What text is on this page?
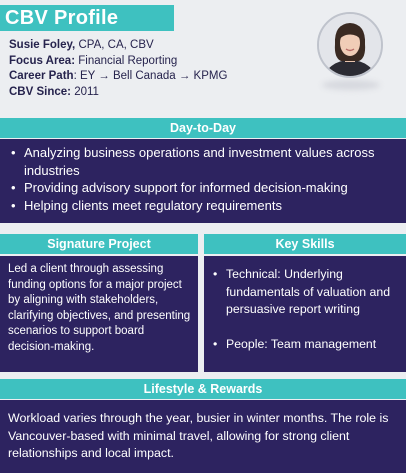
CBV Profile
Susie Foley, CPA, CA, CBV
Focus Area: Financial Reporting
Career Path: EY → Bell Canada → KPMG
CBV Since: 2011
Day-to-Day
• Analyzing business operations and investment values across industries
• Providing advisory support for informed decision-making
• Helping clients meet regulatory requirements
Signature Project
Led a client through assessing funding options for a major project by aligning with stakeholders, clarifying objectives, and presenting scenarios to support board decision-making.
Key Skills
• Technical: Underlying fundamentals of valuation and persuasive report writing
• People: Team management
Lifestyle & Rewards
Workload varies through the year, busier in winter months. The role is Vancouver-based with minimal travel, allowing for strong client relationships and local impact.
